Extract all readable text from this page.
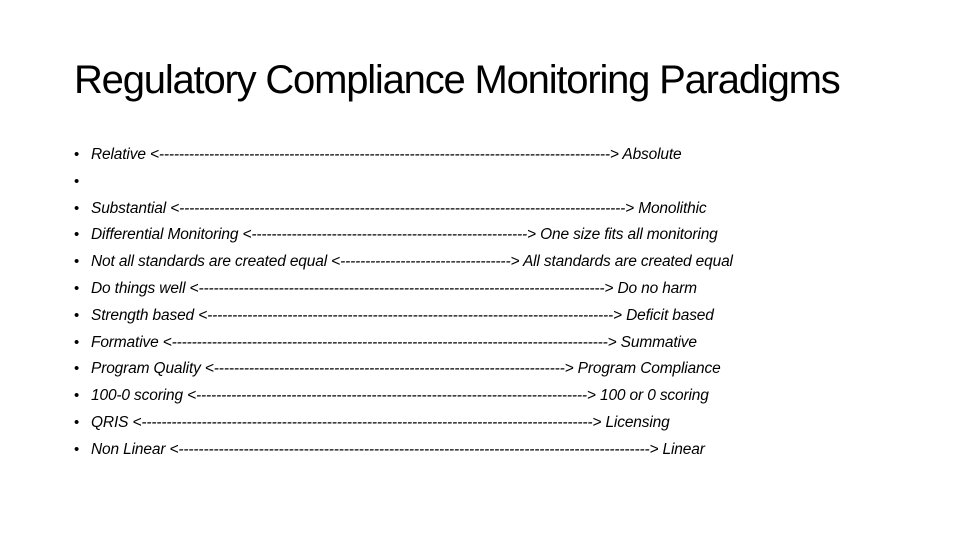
Regulatory Compliance Monitoring Paradigms
• Relative <------------------------------------------------------------------------------------------> Absolute
•
• Substantial <-----------------------------------------------------------------------------------------> Monolithic
• Differential Monitoring <-------------------------------------------------------> One size fits all monitoring
• Not all standards are created equal <----------------------------------> All standards are created equal
• Do things well <---------------------------------------------------------------------------------> Do no harm
• Strength based <---------------------------------------------------------------------------------> Deficit based
• Formative <---------------------------------------------------------------------------------------> Summative
• Program Quality <----------------------------------------------------------------------> Program Compliance
• 100-0 scoring <------------------------------------------------------------------------------> 100 or 0 scoring
• QRIS <------------------------------------------------------------------------------------------> Licensing
• Non Linear <----------------------------------------------------------------------------------------------> Linear
